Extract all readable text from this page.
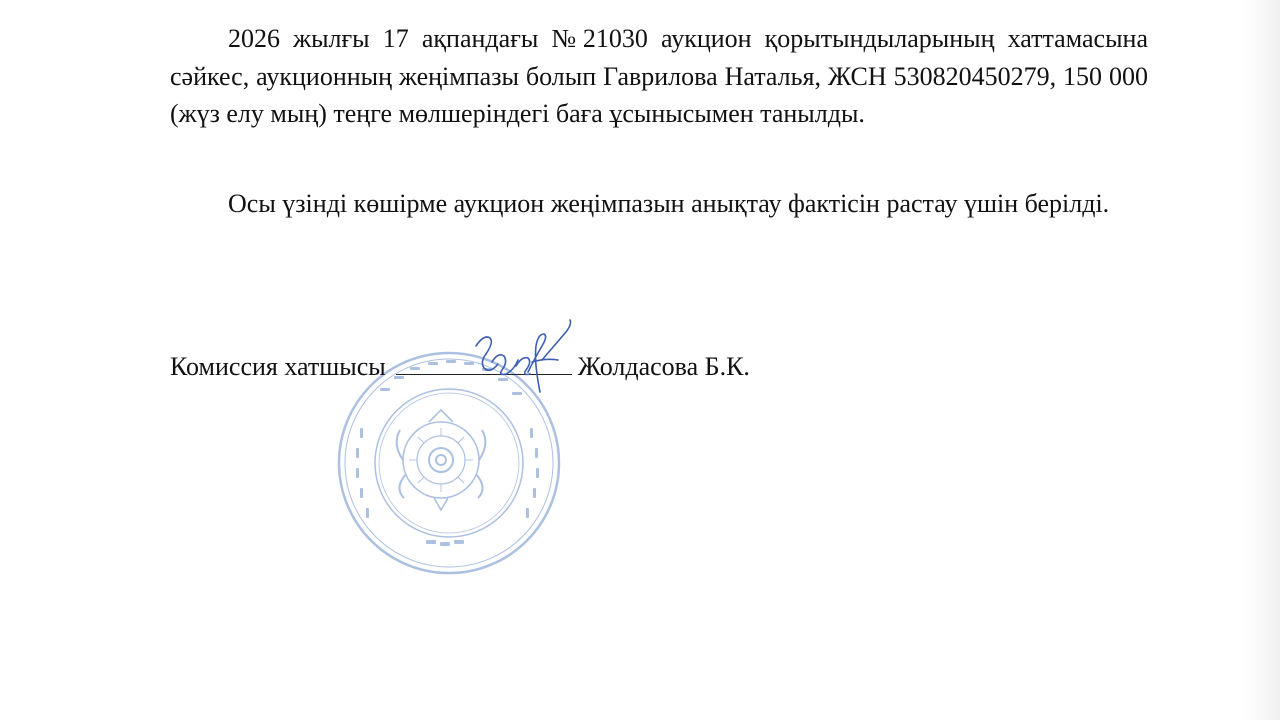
2026 жылғы 17 ақпандағы №21030 аукцион қорытындыларының хаттамасына сәйкес, аукционның жеңімпазы болып Гаврилова Наталья, ЖСН 530820450279, 150 000 (жүз елу мың) теңге мөлшеріндегі баға ұсынысымен танылды.

Осы үзінді көшірме аукцион жеңімпазын анықтау фактісін растау үшін берілді.

Комиссия хатшысы	Жолдасова Б.К.
